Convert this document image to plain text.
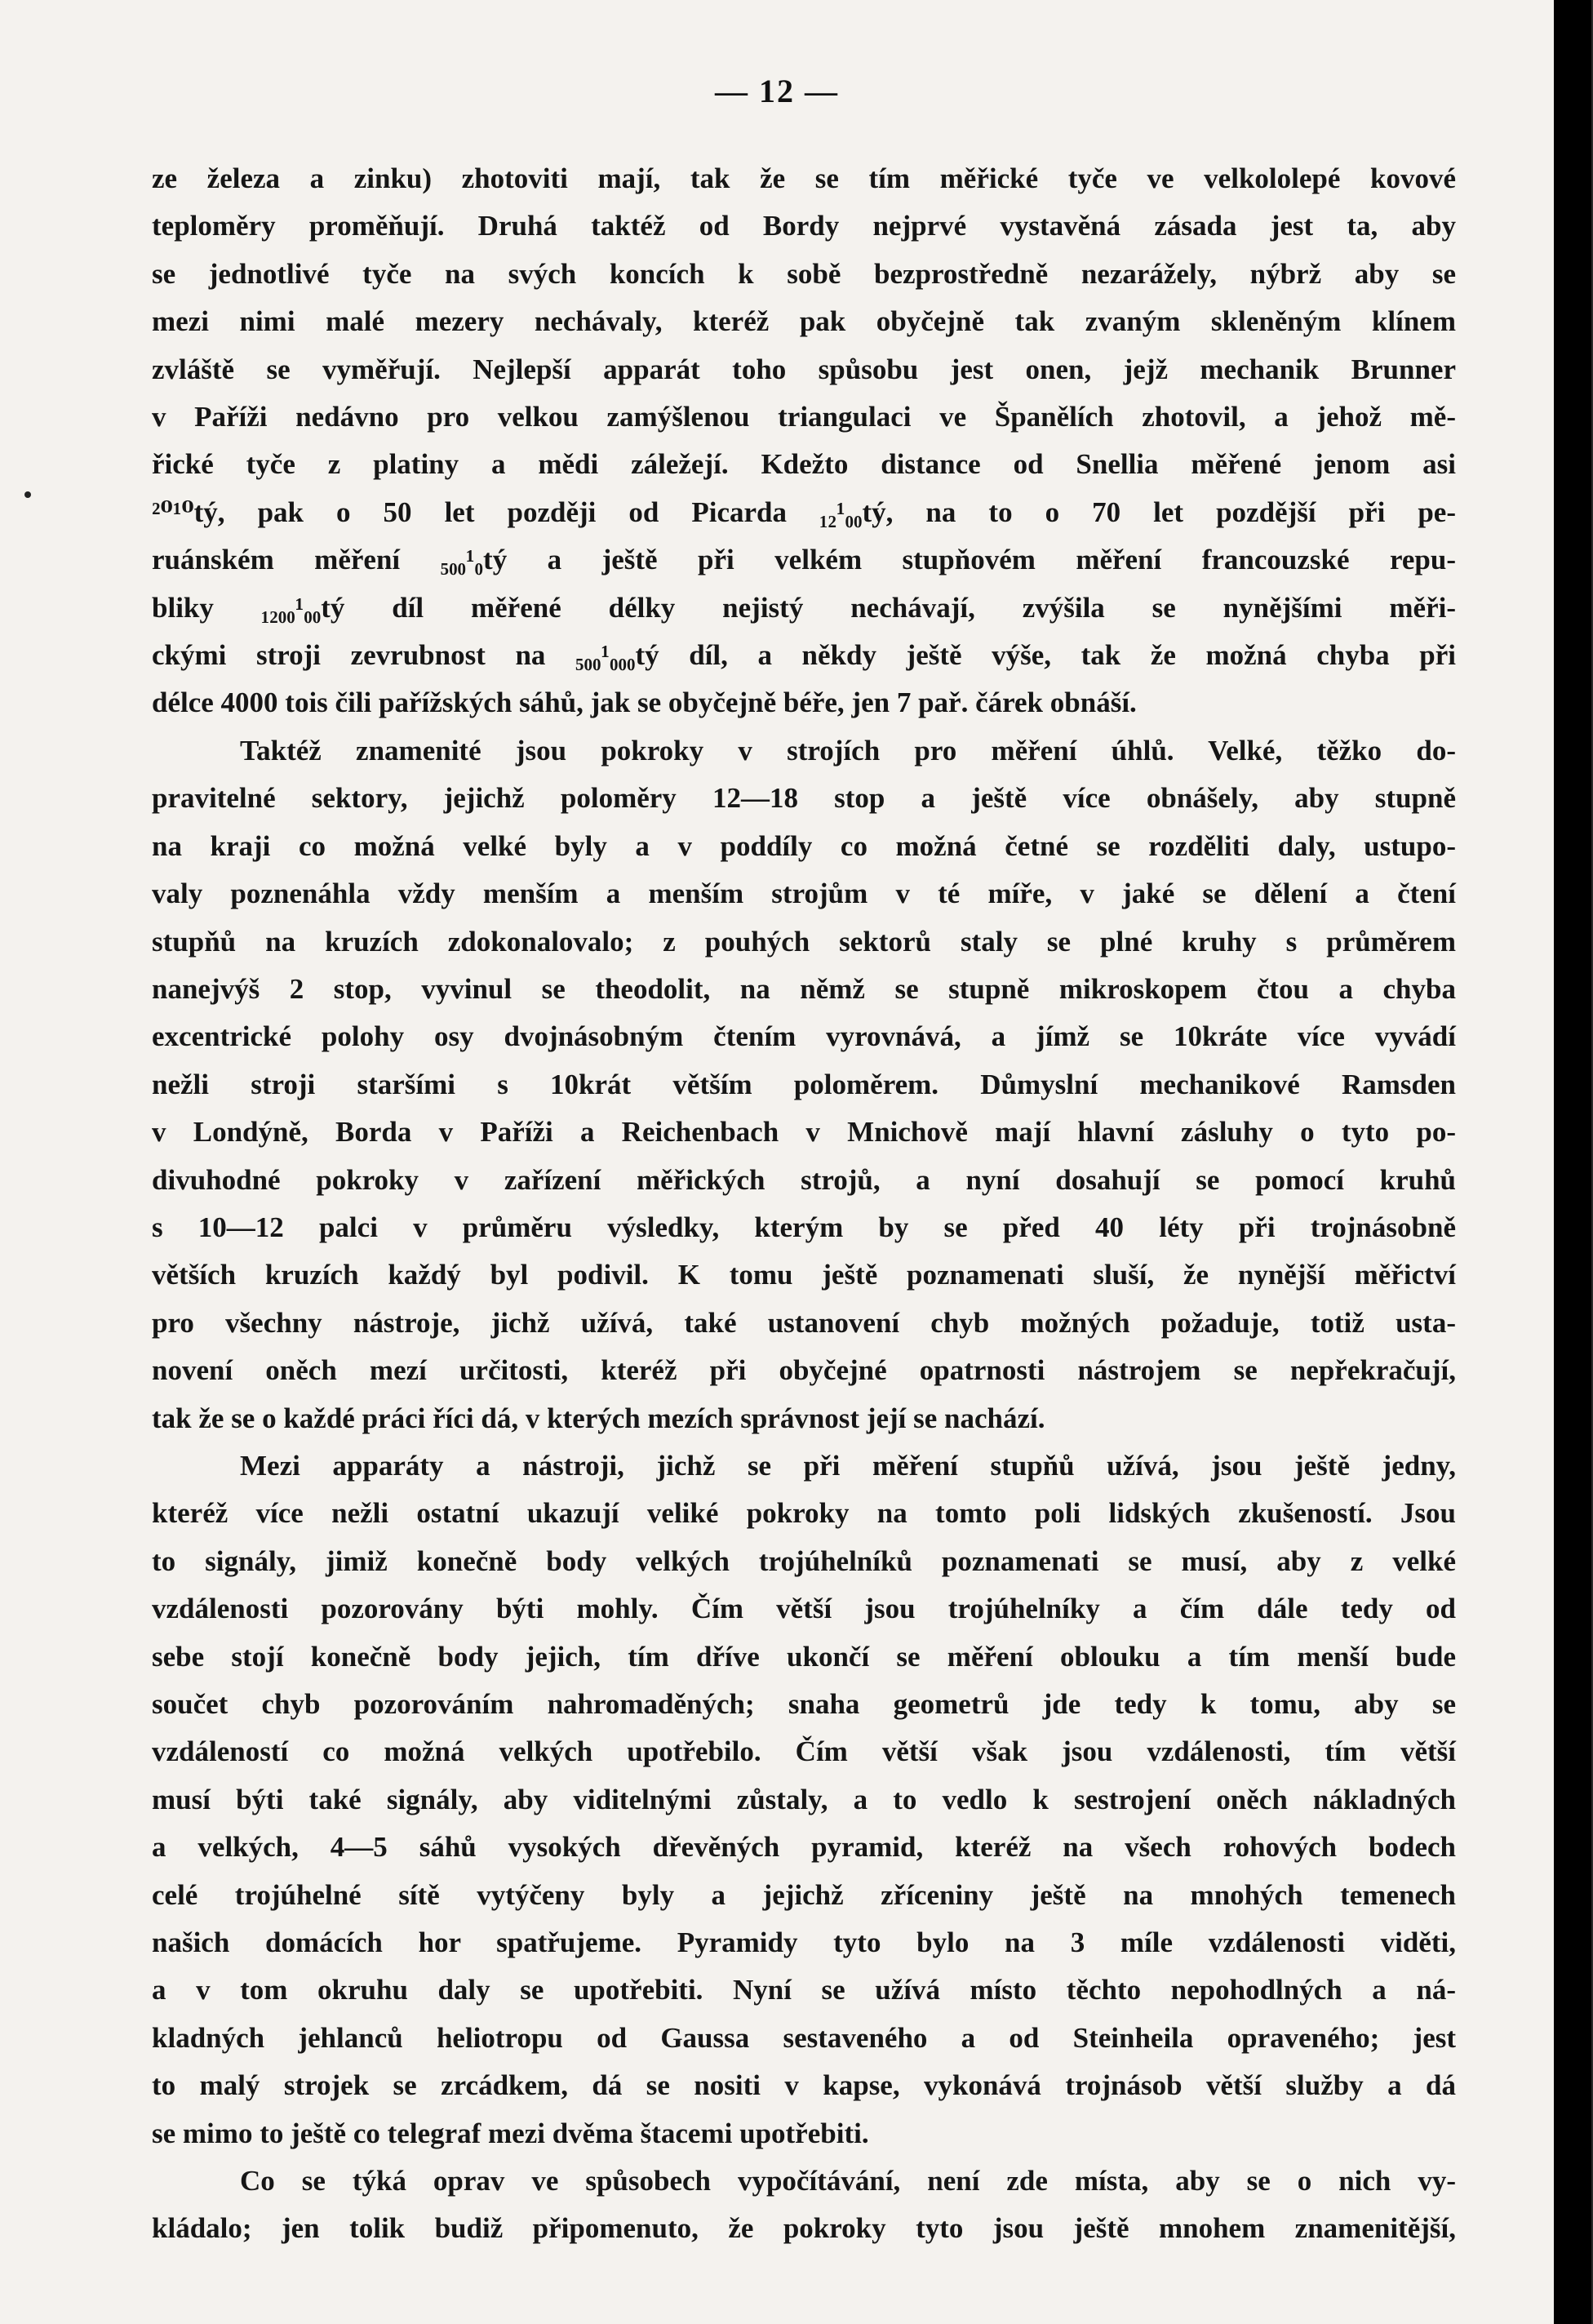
— 12 —

ze železa a zinku) zhotoviti mají, tak že se tím měřické tyče ve velkololepé kovové

teploměry proměňují. Druhá taktéž od Bordy nejprvé vystavěná zásada jest ta, aby

se jednotlivé tyče na svých koncích k sobě bezprostředně nezarážely, nýbrž aby se

mezi nimi malé mezery nechávaly, kteréž pak obyčejně tak zvaným skleněným klínem

zvláště se vyměřují. Nejlepší apparát toho spůsobu jest onen, jejž mechanik Brunner

v Paříži nedávno pro velkou zamýšlenou triangulaci ve Španělích zhotovil, a jehož mě-

řické tyče z platiny a mědi záležejí. Kdežto distance od Snellia měřené jenom asi

²⁰¹⁰tý, pak o 50 let později od Picarda ₁₂¹₀₀tý, na to o 70 let pozdější při pe-

ruánském měření ₅₀₀¹₀tý a ještě při velkém stupňovém měření francouzské repu-

bliky ₁₂₀₀¹₀₀tý díl měřené délky nejistý nechávají, zvýšila se nynějšími měři-

ckými stroji zevrubnost na ₅₀₀¹₀₀₀tý díl, a někdy ještě výše, tak že možná chyba při

délce 4000 tois čili pařížských sáhů, jak se obyčejně béře, jen 7 pař. čárek obnáší.

Taktéž znamenité jsou pokroky v strojích pro měření úhlů. Velké, těžko do-

pravitelné sektory, jejichž poloměry 12—18 stop a ještě více obnášely, aby stupně

na kraji co možná velké byly a v poddíly co možná četné se rozděliti daly, ustupo-

valy poznenáhla vždy menším a menším strojům v té míře, v jaké se dělení a čtení

stupňů na kruzích zdokonalovalo; z pouhých sektorů staly se plné kruhy s průměrem

nanejvýš 2 stop, vyvinul se theodolit, na němž se stupně mikroskopem čtou a chyba

excentrické polohy osy dvojnásobným čtením vyrovnává, a jímž se 10kráte více vyvádí

nežli stroji staršími s 10krát větším poloměrem. Důmyslní mechanikové Ramsden

v Londýně, Borda v Paříži a Reichenbach v Mnichově mají hlavní zásluhy o tyto po-

divuhodné pokroky v zařízení měřických strojů, a nyní dosahují se pomocí kruhů

s 10—12 palci v průměru výsledky, kterým by se před 40 léty při trojnásobně

větších kruzích každý byl podivil. K tomu ještě poznamenati sluší, že nynější měřictví

pro všechny nástroje, jichž užívá, také ustanovení chyb možných požaduje, totiž usta-

novení oněch mezí určitosti, kteréž při obyčejné opatrnosti nástrojem se nepřekračují,

tak že se o každé práci říci dá, v kterých mezích správnost její se nachází.

Mezi apparáty a nástroji, jichž se při měření stupňů užívá, jsou ještě jedny,

kteréž více nežli ostatní ukazují veliké pokroky na tomto poli lidských zkušeností. Jsou

to signály, jimiž konečně body velkých trojúhelníků poznamenati se musí, aby z velké

vzdálenosti pozorovány býti mohly. Čím větší jsou trojúhelníky a čím dále tedy od

sebe stojí konečně body jejich, tím dříve ukončí se měření oblouku a tím menší bude

součet chyb pozorováním nahromaděných; snaha geometrů jde tedy k tomu, aby se

vzdáleností co možná velkých upotřebilo. Čím větší však jsou vzdálenosti, tím větší

musí býti také signály, aby viditelnými zůstaly, a to vedlo k sestrojení oněch nákladných

a velkých, 4—5 sáhů vysokých dřevěných pyramid, kteréž na všech rohových bodech

celé trojúhelné sítě vytýčeny byly a jejichž zříceniny ještě na mnohých temenech

našich domácích hor spatřujeme. Pyramidy tyto bylo na 3 míle vzdálenosti viděti,

a v tom okruhu daly se upotřebiti. Nyní se užívá místo těchto nepohodlných a ná-

kladných jehlanců heliotropu od Gaussa sestaveného a od Steinheila opraveného; jest

to malý strojek se zrcádkem, dá se nositi v kapse, vykonává trojnásob větší služby a dá

se mimo to ještě co telegraf mezi dvěma štacemi upotřebiti.

Co se týká oprav ve spůsobech vypočítávání, není zde místa, aby se o nich vy-

kládalo; jen tolik budiž připomenuto, že pokroky tyto jsou ještě mnohem znamenitější,
